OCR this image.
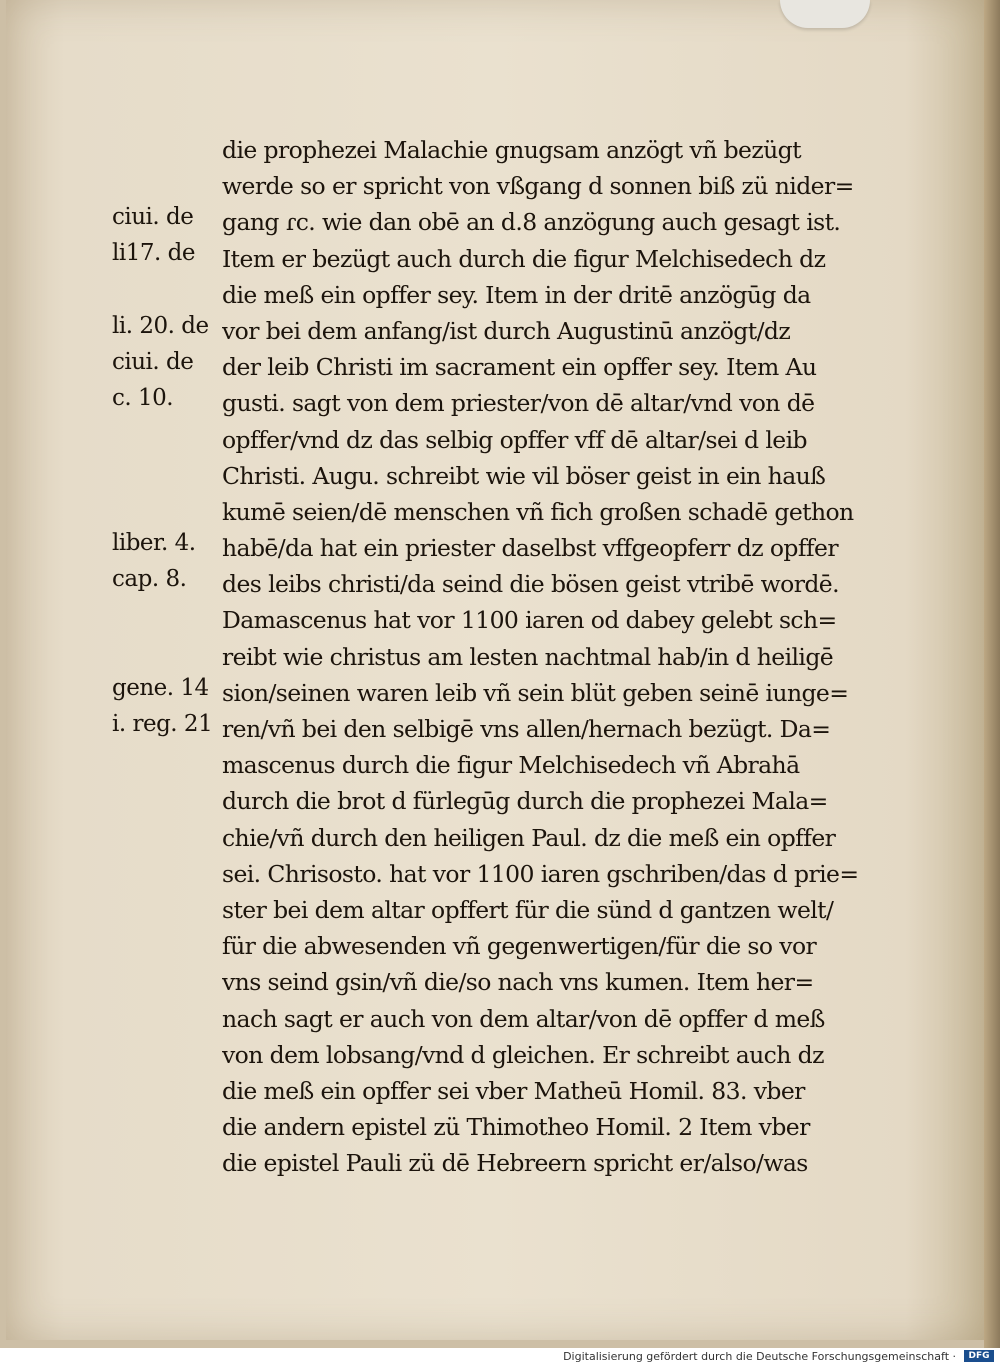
die prophezei Malachie gnugsam anzögt vñ bezügt
werde so er spricht von vßgang d sonnen biß zü nider=
gang ɾc. wie dan obē an d.8 anzögung auch gesagt ist.
Item er bezügt auch durch die figur Melchisedech dz
die meß ein opffer sey. Item in der dritē anzögūg da
vor bei dem anfang/ist durch Augustinū anzögt/dz
der leib Christi im sacrament ein opffer sey. Item Au
gusti. sagt von dem priester/von dē altar/vnd von dē
opffer/vnd dz das selbig opffer vff dē altar/sei d leib
Christi. Augu. schreibt wie vil böser geist in ein hauß
kumē seien/dē menschen vñ fich großen schadē gethon
habē/da hat ein priester daselbst vffgeopferr dz opffer
des leibs christi/da seind die bösen geist vtribē wordē.
Damascenus hat vor 1100 iaren od dabey gelebt sch=
reibt wie christus am lesten nachtmal hab/in d heiligē
sion/seinen waren leib vñ sein blüt geben seinē iunge=
ren/vñ bei den selbigē vns allen/hernach bezügt. Da=
mascenus durch die figur Melchisedech vñ Abrahā
durch die brot d fürlegūg durch die prophezei Mala=
chie/vñ durch den heiligen Paul. dz die meß ein opffer
sei. Chrisosto. hat vor 1100 iaren gschriben/das d prie=
ster bei dem altar opffert für die sünd d gantzen welt/
für die abwesenden vñ gegenwertigen/für die so vor
vns seind gsin/vñ die/so nach vns kumen. Item her=
nach sagt er auch von dem altar/von dē opffer d meß
von dem lobsang/vnd d gleichen. Er schreibt auch dz
die meß ein opffer sei vber Matheū Homil. 83. vber
die andern epistel zü Thimotheo Homil. 2 Item vber
die epistel Pauli zü dē Hebreern spricht er/also/was
ciui. de
li17. de
li. 20. de
ciui. de
c. 10.
liber. 4.
cap. 8.
gene. 14
i. reg. 21
Digitalisierung gefördert durch die Deutsche Forschungsgemeinschaft ·	DFG
